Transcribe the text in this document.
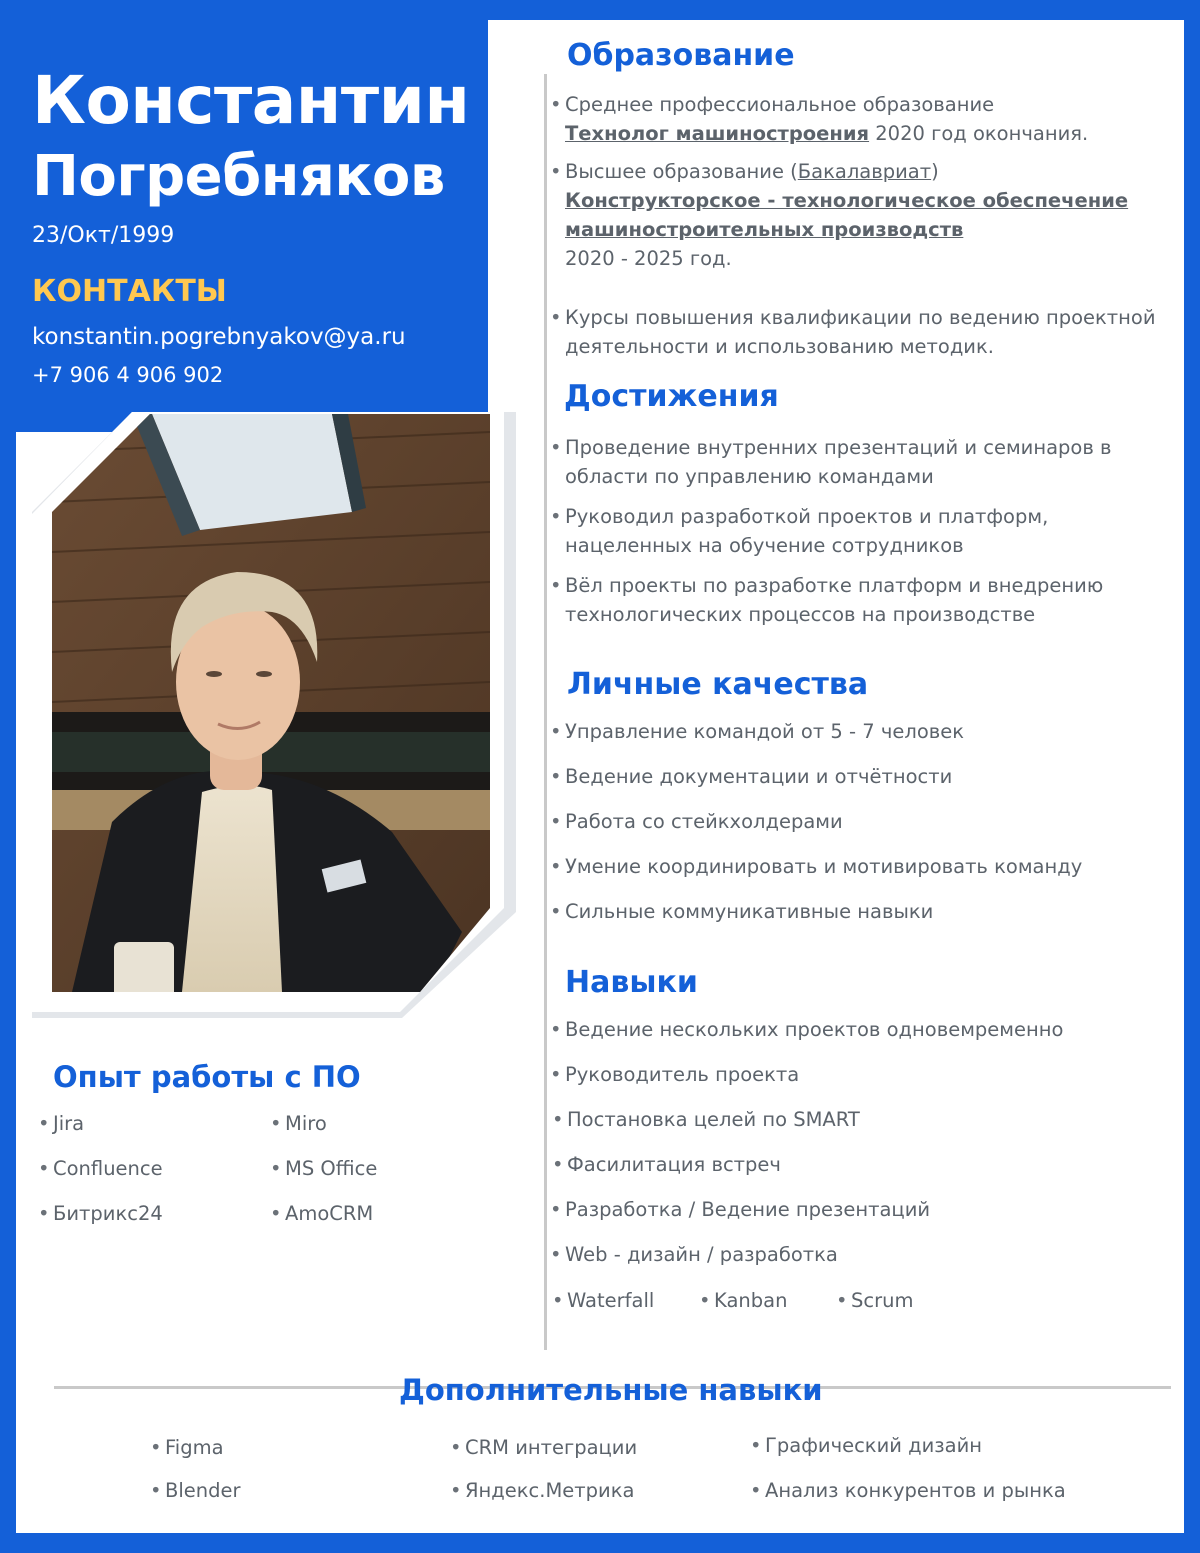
Константин
Погребняков
23/Окт/1999
КОНТАКТЫ
konstantin.pogrebnyakov@ya.ru
+7 906 4 906 902
Образование
• Среднее профессиональное образование
Технолог машиностроения 2020 год окончания.
• Высшее образование (Бакалавриат)
Конструкторское - технологическое обеспечение
машиностроительных производств
2020 - 2025 год.
• Курсы повышения квалификации по ведению проектной
деятельности и использованию методик.
Достижения
• Проведение внутренних презентаций и семинаров в
области по управлению командами
• Руководил разработкой проектов и платформ,
нацеленных на обучение сотрудников
• Вёл проекты по разработке платформ и внедрению
технологических процессов на производстве
Личные качества
• Управление командой от 5 - 7 человек
• Ведение документации и отчётности
• Работа со стейкхолдерами
• Умение координировать и мотивировать команду
• Сильные коммуникативные навыки
Навыки
• Ведение нескольких проектов одновемременно
• Руководитель проекта
• Постановка целей по SMART
• Фасилитация встреч
• Разработка / Ведение презентаций
• Web - дизайн / разработка
• Waterfall • Kanban • Scrum
Опыт работы с ПО
• Jira	• Miro
• Confluence	• MS Office
• Битрикс24	• AmoCRM
Дополнительные навыки
• Figma	• CRM интеграции	• Графический дизайн
• Blender	• Яндекс.Метрика	• Анализ конкурентов и рынка
